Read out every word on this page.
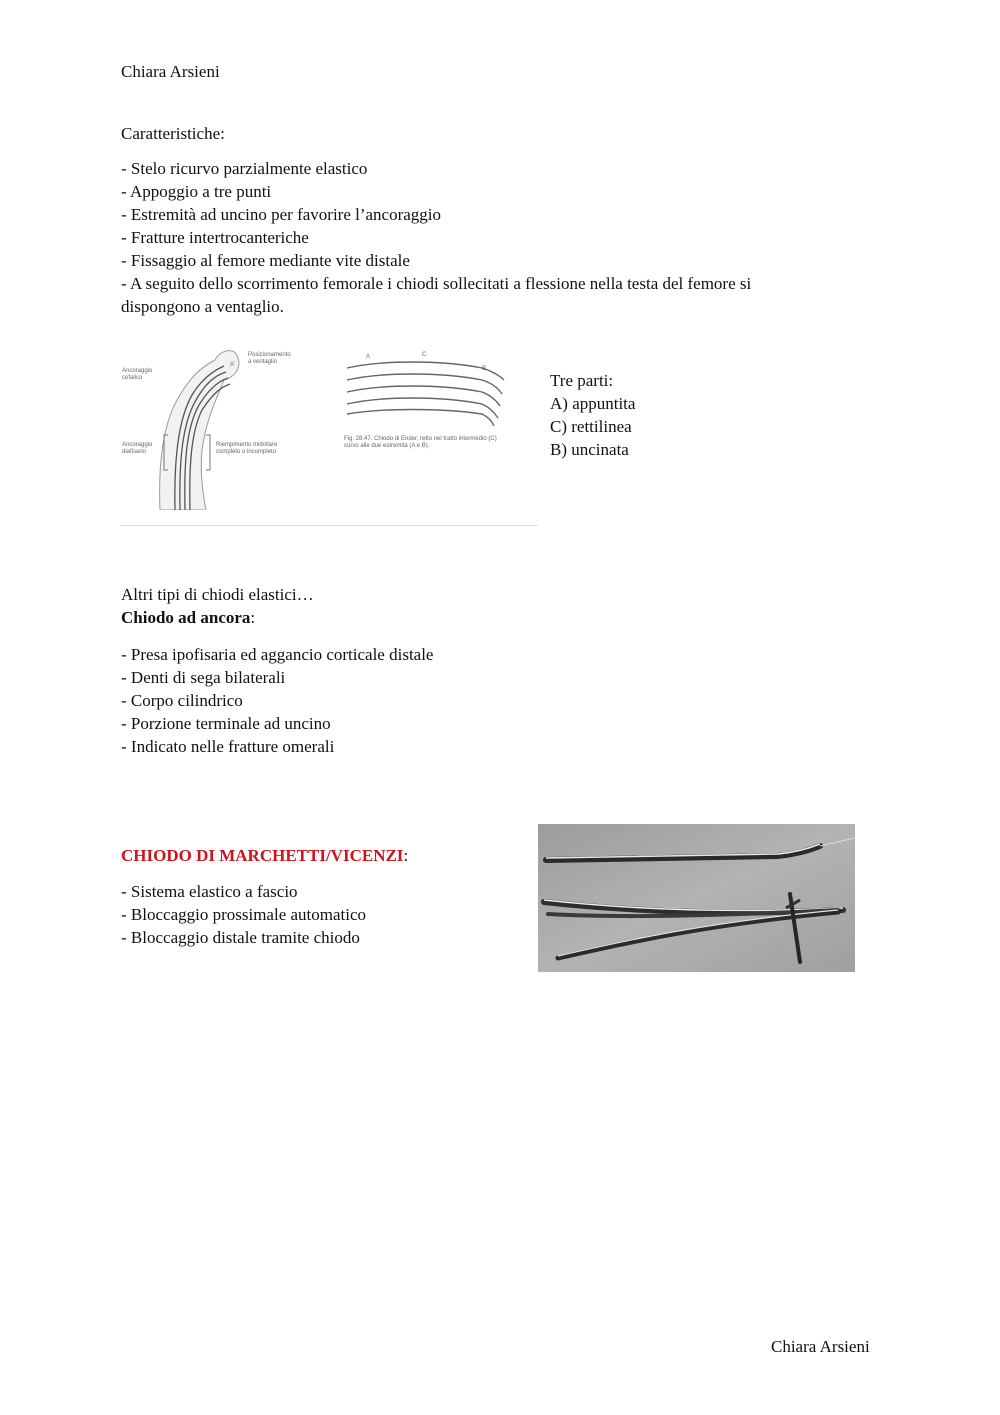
Chiara Arsieni
Caratteristiche:
- Stelo ricurvo parzialmente elastico
- Appoggio a tre punti
- Estremità ad uncino per favorire l’ancoraggio
- Fratture intertrocanteriche
- Fissaggio al femore mediante vite distale
- A seguito dello scorrimento femorale i chiodi sollecitati a flessione nella testa del femore si
dispongono a ventaglio.
Ancoraggio
cefalico
Posizionamento
a ventaglio
A'
Ancoraggio
diafisario
Riempimento midollare
completo o incompleto
A	C
B
Fig. 28.47. Chiodo di Ender, retto nel tratto intermedio (C)
curvo alle due estremità (A e B).
Tre parti:
A) appuntita
C) rettilinea
B) uncinata
Altri tipi di chiodi elastici…
Chiodo ad ancora:
- Presa ipofisaria ed aggancio corticale distale
- Denti di sega bilaterali
- Corpo cilindrico
- Porzione terminale ad uncino
- Indicato nelle fratture omerali
CHIODO DI MARCHETTI/VICENZI:
- Sistema elastico a fascio
- Bloccaggio prossimale automatico
- Bloccaggio distale tramite chiodo
Chiara Arsieni
